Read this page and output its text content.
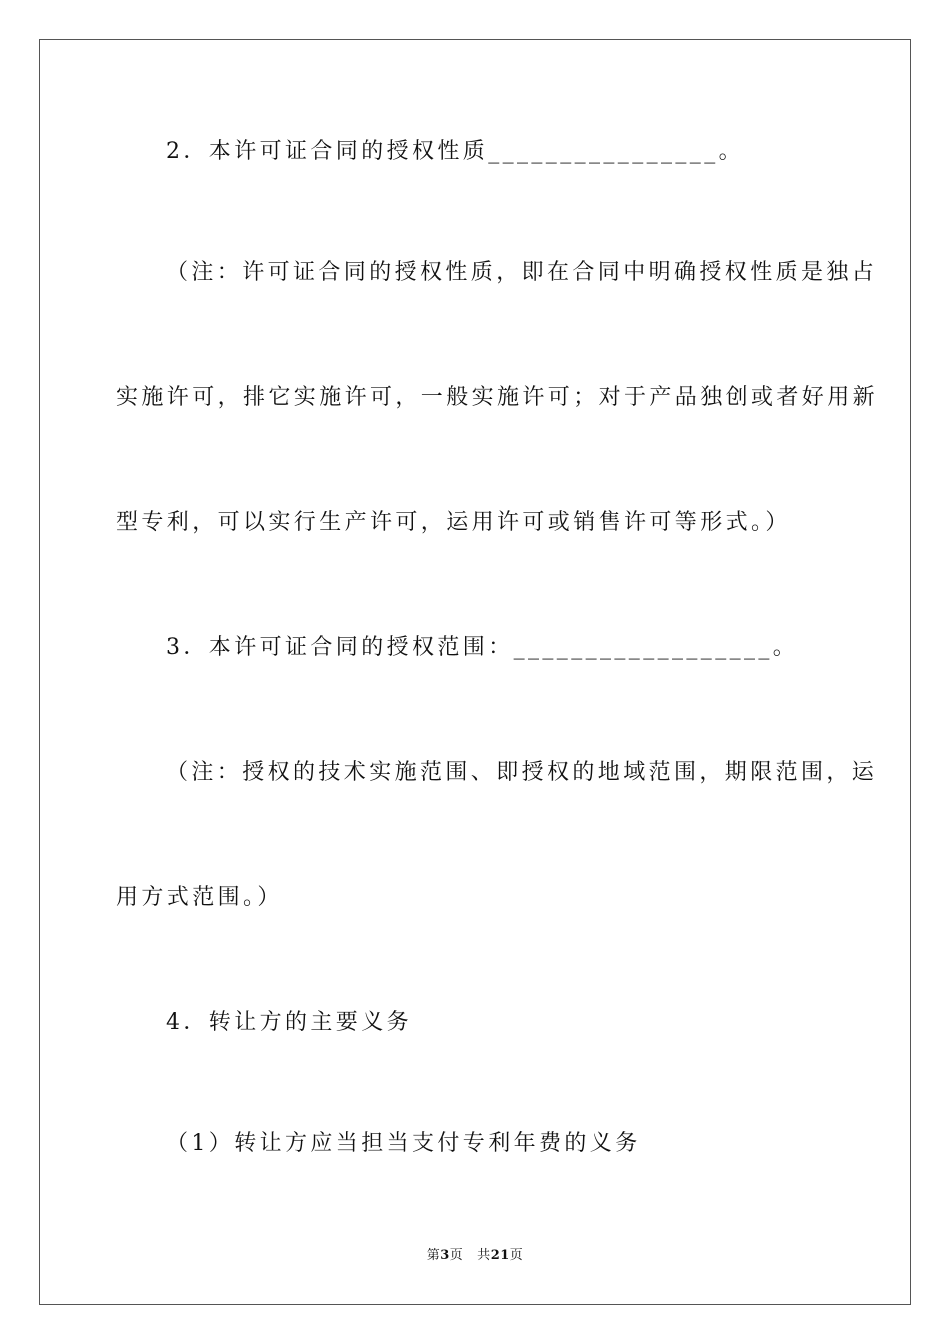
2．本许可证合同的授权性质________________。
（注：许可证合同的授权性质，即在合同中明确授权性质是独占
实施许可，排它实施许可，一般实施许可；对于产品独创或者好用新
型专利，可以实行生产许可，运用许可或销售许可等形式。）
3．本许可证合同的授权范围：__________________。
（注：授权的技术实施范围、即授权的地域范围，期限范围，运
用方式范围。）
4．转让方的主要义务
（1）转让方应当担当支付专利年费的义务
第3页 共21页
